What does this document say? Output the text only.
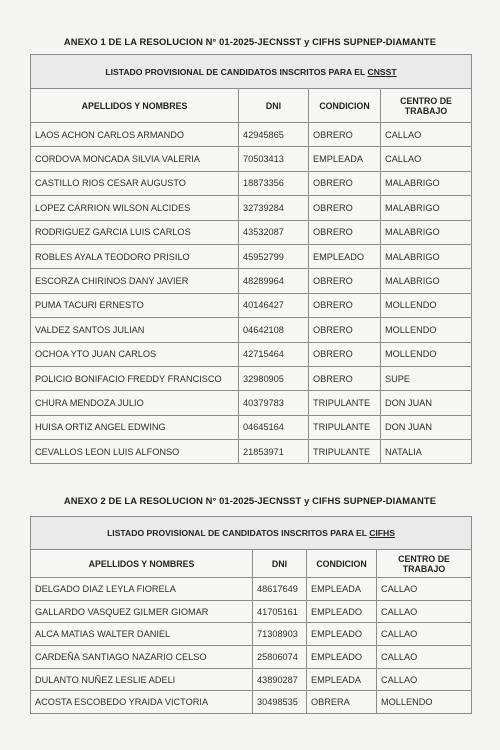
ANEXO 1 DE LA RESOLUCION N° 01-2025-JECNSST y CIFHS SUPNEP-DIAMANTE
LISTADO PROVISIONAL DE CANDIDATOS INSCRITOS PARA EL CNSST			
APELLIDOS Y NOMBRES	DNI	CONDICION	CENTRO DE TRABAJO
LAOS ACHON CARLOS ARMANDO	42945865	OBRERO	CALLAO
CORDOVA MONCADA SILVIA VALERIA	70503413	EMPLEADA	CALLAO
CASTILLO RIOS CESAR AUGUSTO	18873356	OBRERO	MALABRIGO
LOPEZ CARRION WILSON ALCIDES	32739284	OBRERO	MALABRIGO
RODRIGUEZ GARCIA LUIS CARLOS	43532087	OBRERO	MALABRIGO
ROBLES AYALA TEODORO PRISILO	45952799	EMPLEADO	MALABRIGO
ESCORZA CHIRINOS DANY JAVIER	48289964	OBRERO	MALABRIGO
PUMA TACURI ERNESTO	40146427	OBRERO	MOLLENDO
VALDEZ SANTOS JULIAN	04642108	OBRERO	MOLLENDO
OCHOA YTO JUAN CARLOS	42715464	OBRERO	MOLLENDO
POLICIO BONIFACIO FREDDY FRANCISCO	32980905	OBRERO	SUPE
CHURA MENDOZA JULIO	40379783	TRIPULANTE	DON JUAN
HUISA ORTIZ ANGEL EDWING	04645164	TRIPULANTE	DON JUAN
CEVALLOS LEON LUIS ALFONSO	21853971	TRIPULANTE	NATALIA
ANEXO 2 DE LA RESOLUCION N° 01-2025-JECNSST y CIFHS SUPNEP-DIAMANTE
LISTADO PROVISIONAL DE CANDIDATOS INSCRITOS PARA EL CIFHS			
APELLIDOS Y NOMBRES	DNI	CONDICION	CENTRO DE TRABAJO
DELGADO DIAZ LEYLA FIORELA	48617649	EMPLEADA	CALLAO
GALLARDO VASQUEZ GILMER GIOMAR	41705161	EMPLEADO	CALLAO
ALCA MATIAS WALTER DANIEL	71308903	EMPLEADO	CALLAO
CARDEÑA SANTIAGO NAZARIO CELSO	25806074	EMPLEADO	CALLAO
DULANTO NUÑEZ LESLIE ADELI	43890287	EMPLEADA	CALLAO
ACOSTA ESCOBEDO YRAIDA VICTORIA	30498535	OBRERA	MOLLENDO
